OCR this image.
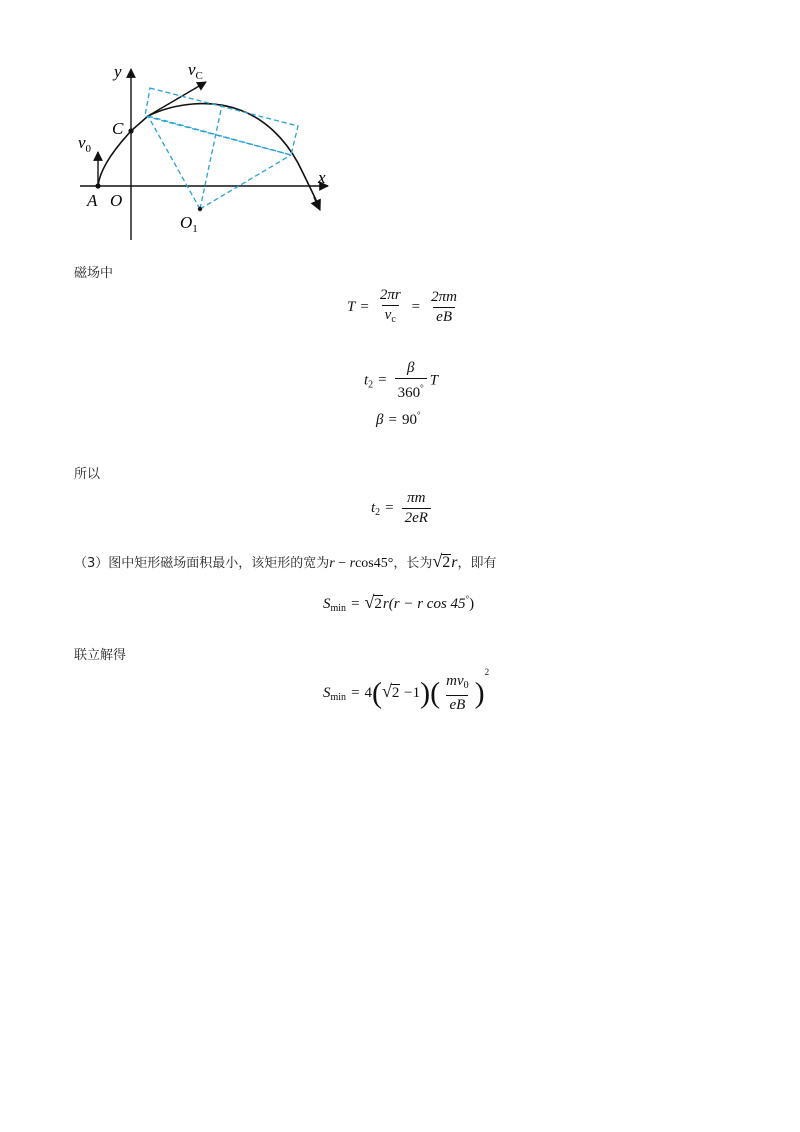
y
x
$v_C$
C
$v_0$
A O
$O_1$
磁场中
$T = \frac{2\pi r}{v_c} = \frac{2\pi m}{eB}$
$t_2 = \frac{\beta}{360^\circ}$ T
β = 90°
所以
$t_2 = \frac{\pi m}{2eR}$
（3）图中矩形磁场面积最小，该矩形的宽为r − rcos45°，长为√2r，即有
$S_{min} = √2r(r - r$ cos 45°)
联立解得
$S_{min} = 4(√2 -1)( \frac{mv_0}{eB} )^2$
